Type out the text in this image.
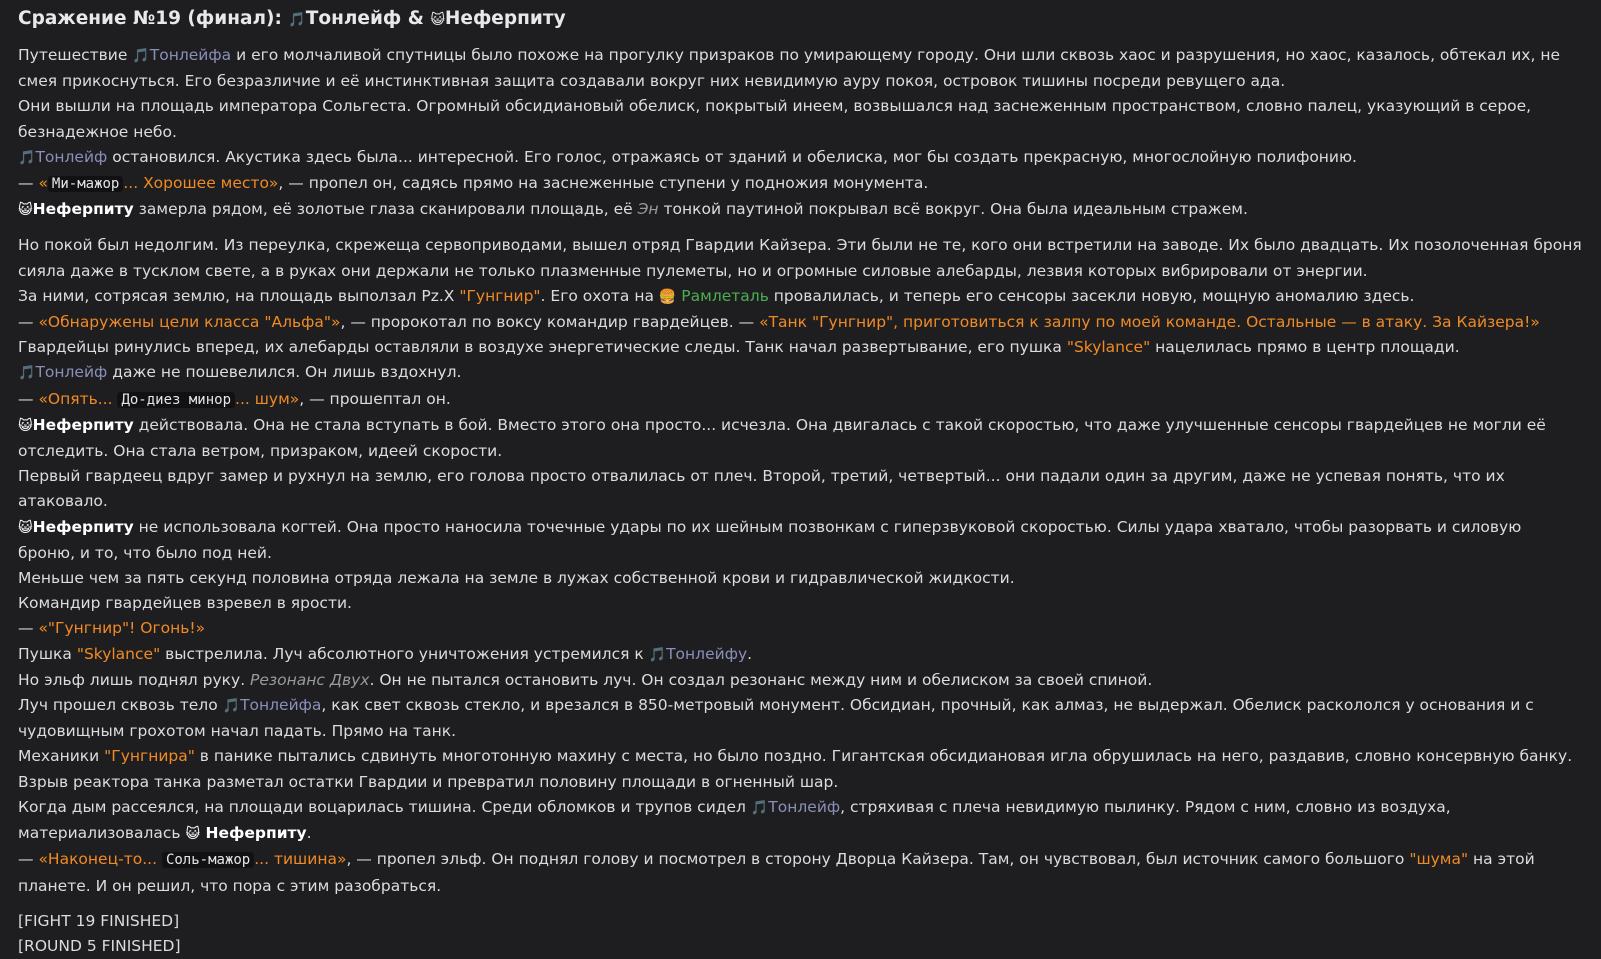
Сражение №19 (финал): 🎵Тонлейф & 😺Неферпиту

Путешествие 🎵Тонлейфа и его молчаливой спутницы было похоже на прогулку призраков по умирающему городу. Они шли сквозь хаос и разрушения, но хаос, казалось, обтекал их, не смея прикоснуться. Его безразличие и её инстинктивная защита создавали вокруг них невидимую ауру покоя, островок тишины посреди ревущего ада.

Они вышли на площадь императора Сольгеста. Огромный обсидиановый обелиск, покрытый инеем, возвышался над заснеженным пространством, словно палец, указующий в серое, безнадежное небо.

🎵Тонлейф остановился. Акустика здесь была... интересной. Его голос, отражаясь от зданий и обелиска, мог бы создать прекрасную, многослойную полифонию.

— « Ми-мажор ... Хорошее место», — пропел он, садясь прямо на заснеженные ступени у подножия монумента.

😺Неферпиту замерла рядом, её золотые глаза сканировали площадь, её Эн тонкой паутиной покрывал всё вокруг. Она была идеальным стражем.

Но покой был недолгим. Из переулка, скрежеща сервоприводами, вышел отряд Гвардии Кайзера. Эти были не те, кого они встретили на заводе. Их было двадцать. Их позолоченная броня сияла даже в тусклом свете, а в руках они держали не только плазменные пулеметы, но и огромные силовые алебарды, лезвия которых вибрировали от энергии.

За ними, сотрясая землю, на площадь выползал Pz.X "Гунгнир". Его охота на 🍔 Рамлеталь провалилась, и теперь его сенсоры засекли новую, мощную аномалию здесь.

— «Обнаружены цели класса "Альфа"», — пророкотал по воксу командир гвардейцев. — «Танк "Гунгнир", приготовиться к залпу по моей команде. Остальные — в атаку. За Кайзера!»

Гвардейцы ринулись вперед, их алебарды оставляли в воздухе энергетические следы. Танк начал развертывание, его пушка "Skylance" нацелилась прямо в центр площади.

🎵Тонлейф даже не пошевелился. Он лишь вздохнул.

— «Опять... До-диез минор ... шум», — прошептал он.

😺Неферпиту действовала. Она не стала вступать в бой. Вместо этого она просто... исчезла. Она двигалась с такой скоростью, что даже улучшенные сенсоры гвардейцев не могли её отследить. Она стала ветром, призраком, идеей скорости.

Первый гвардеец вдруг замер и рухнул на землю, его голова просто отвалилась от плеч. Второй, третий, четвертый... они падали один за другим, даже не успевая понять, что их атаковало.

😺Неферпиту не использовала когтей. Она просто наносила точечные удары по их шейным позвонкам с гиперзвуковой скоростью. Силы удара хватало, чтобы разорвать и силовую броню, и то, что было под ней.

Меньше чем за пять секунд половина отряда лежала на земле в лужах собственной крови и гидравлической жидкости.

Командир гвардейцев взревел в ярости.

— «"Гунгнир"! Огонь!»

Пушка "Skylance" выстрелила. Луч абсолютного уничтожения устремился к 🎵Тонлейфу.

Но эльф лишь поднял руку. Резонанс Двух. Он не пытался остановить луч. Он создал резонанс между ним и обелиском за своей спиной.

Луч прошел сквозь тело 🎵Тонлейфа, как свет сквозь стекло, и врезался в 850-метровый монумент. Обсидиан, прочный, как алмаз, не выдержал. Обелиск раскололся у основания и с чудовищным грохотом начал падать. Прямо на танк.

Механики "Гунгнира" в панике пытались сдвинуть многотонную махину с места, но было поздно. Гигантская обсидиановая игла обрушилась на него, раздавив, словно консервную банку.

Взрыв реактора танка разметал остатки Гвардии и превратил половину площади в огненный шар.

Когда дым рассеялся, на площади воцарилась тишина. Среди обломков и трупов сидел 🎵Тонлейф, стряхивая с плеча невидимую пылинку. Рядом с ним, словно из воздуха, материализовалась 😺 Неферпиту.

— «Наконец-то... Соль-мажор ... тишина», — пропел эльф. Он поднял голову и посмотрел в сторону Дворца Кайзера. Там, он чувствовал, был источник самого большого "шума" на этой планете. И он решил, что пора с этим разобраться.

[FIGHT 19 FINISHED]

[ROUND 5 FINISHED]
